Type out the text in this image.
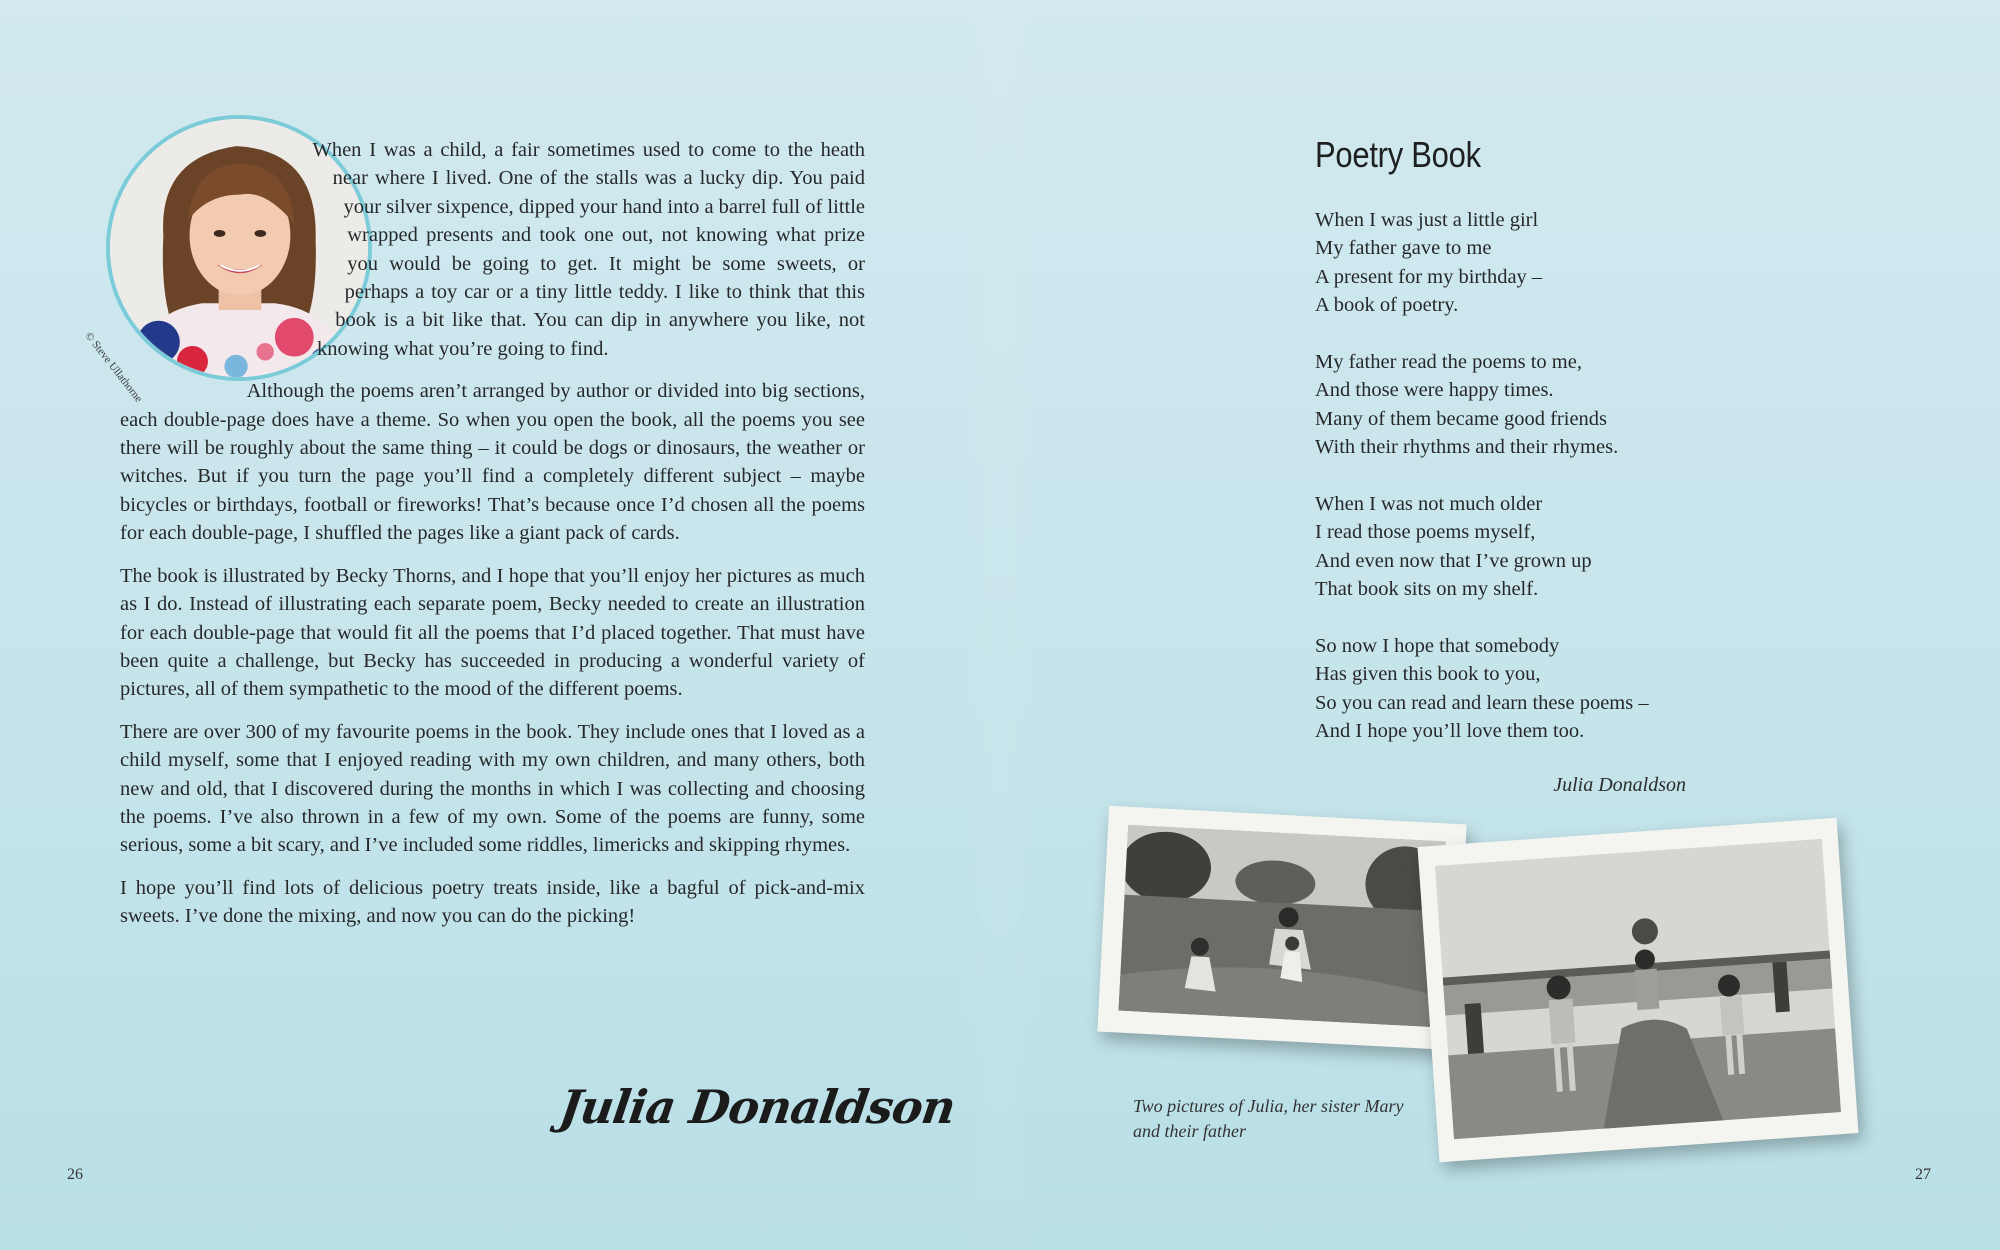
© Steve Ullathorne

When I was a child, a fair sometimes used to come to the heath near where I lived. One of the stalls was a lucky dip. You paid your silver sixpence, dipped your hand into a barrel full of little wrapped presents and took one out, not knowing what prize you would be going to get. It might be some sweets, or perhaps a toy car or a tiny little teddy. I like to think that this book is a bit like that. You can dip in anywhere you like, not knowing what you’re going to find.

Although the poems aren’t arranged by author or divided into big sections, each double-page does have a theme. So when you open the book, all the poems you see there will be roughly about the same thing – it could be dogs or dinosaurs, the weather or witches. But if you turn the page you’ll find a completely different subject – maybe bicycles or birthdays, football or fireworks! That’s because once I’d chosen all the poems for each double-page, I shuffled the pages like a giant pack of cards.

The book is illustrated by Becky Thorns, and I hope that you’ll enjoy her pictures as much as I do. Instead of illustrating each separate poem, Becky needed to create an illustration for each double-page that would fit all the poems that I’d placed together. That must have been quite a challenge, but Becky has succeeded in producing a wonderful variety of pictures, all of them sympathetic to the mood of the different poems.

There are over 300 of my favourite poems in the book. They include ones that I loved as a child myself, some that I enjoyed reading with my own children, and many others, both new and old, that I discovered during the months in which I was collecting and choosing the poems. I’ve also thrown in a few of my own. Some of the poems are funny, some serious, some a bit scary, and I’ve included some riddles, limericks and skipping rhymes.

I hope you’ll find lots of delicious poetry treats inside, like a bagful of pick-and-mix sweets. I’ve done the mixing, and now you can do the picking!

Julia Donaldson
26
Poetry Book
When I was just a little girl
My father gave to me
A present for my birthday –
A book of poetry.
My father read the poems to me,
And those were happy times.
Many of them became good friends
With their rhythms and their rhymes.
When I was not much older
I read those poems myself,
And even now that I’ve grown up
That book sits on my shelf.
So now I hope that somebody
Has given this book to you,
So you can read and learn these poems –
And I hope you’ll love them too.
Julia Donaldson
Two pictures of Julia, her sister Mary and their father
27
